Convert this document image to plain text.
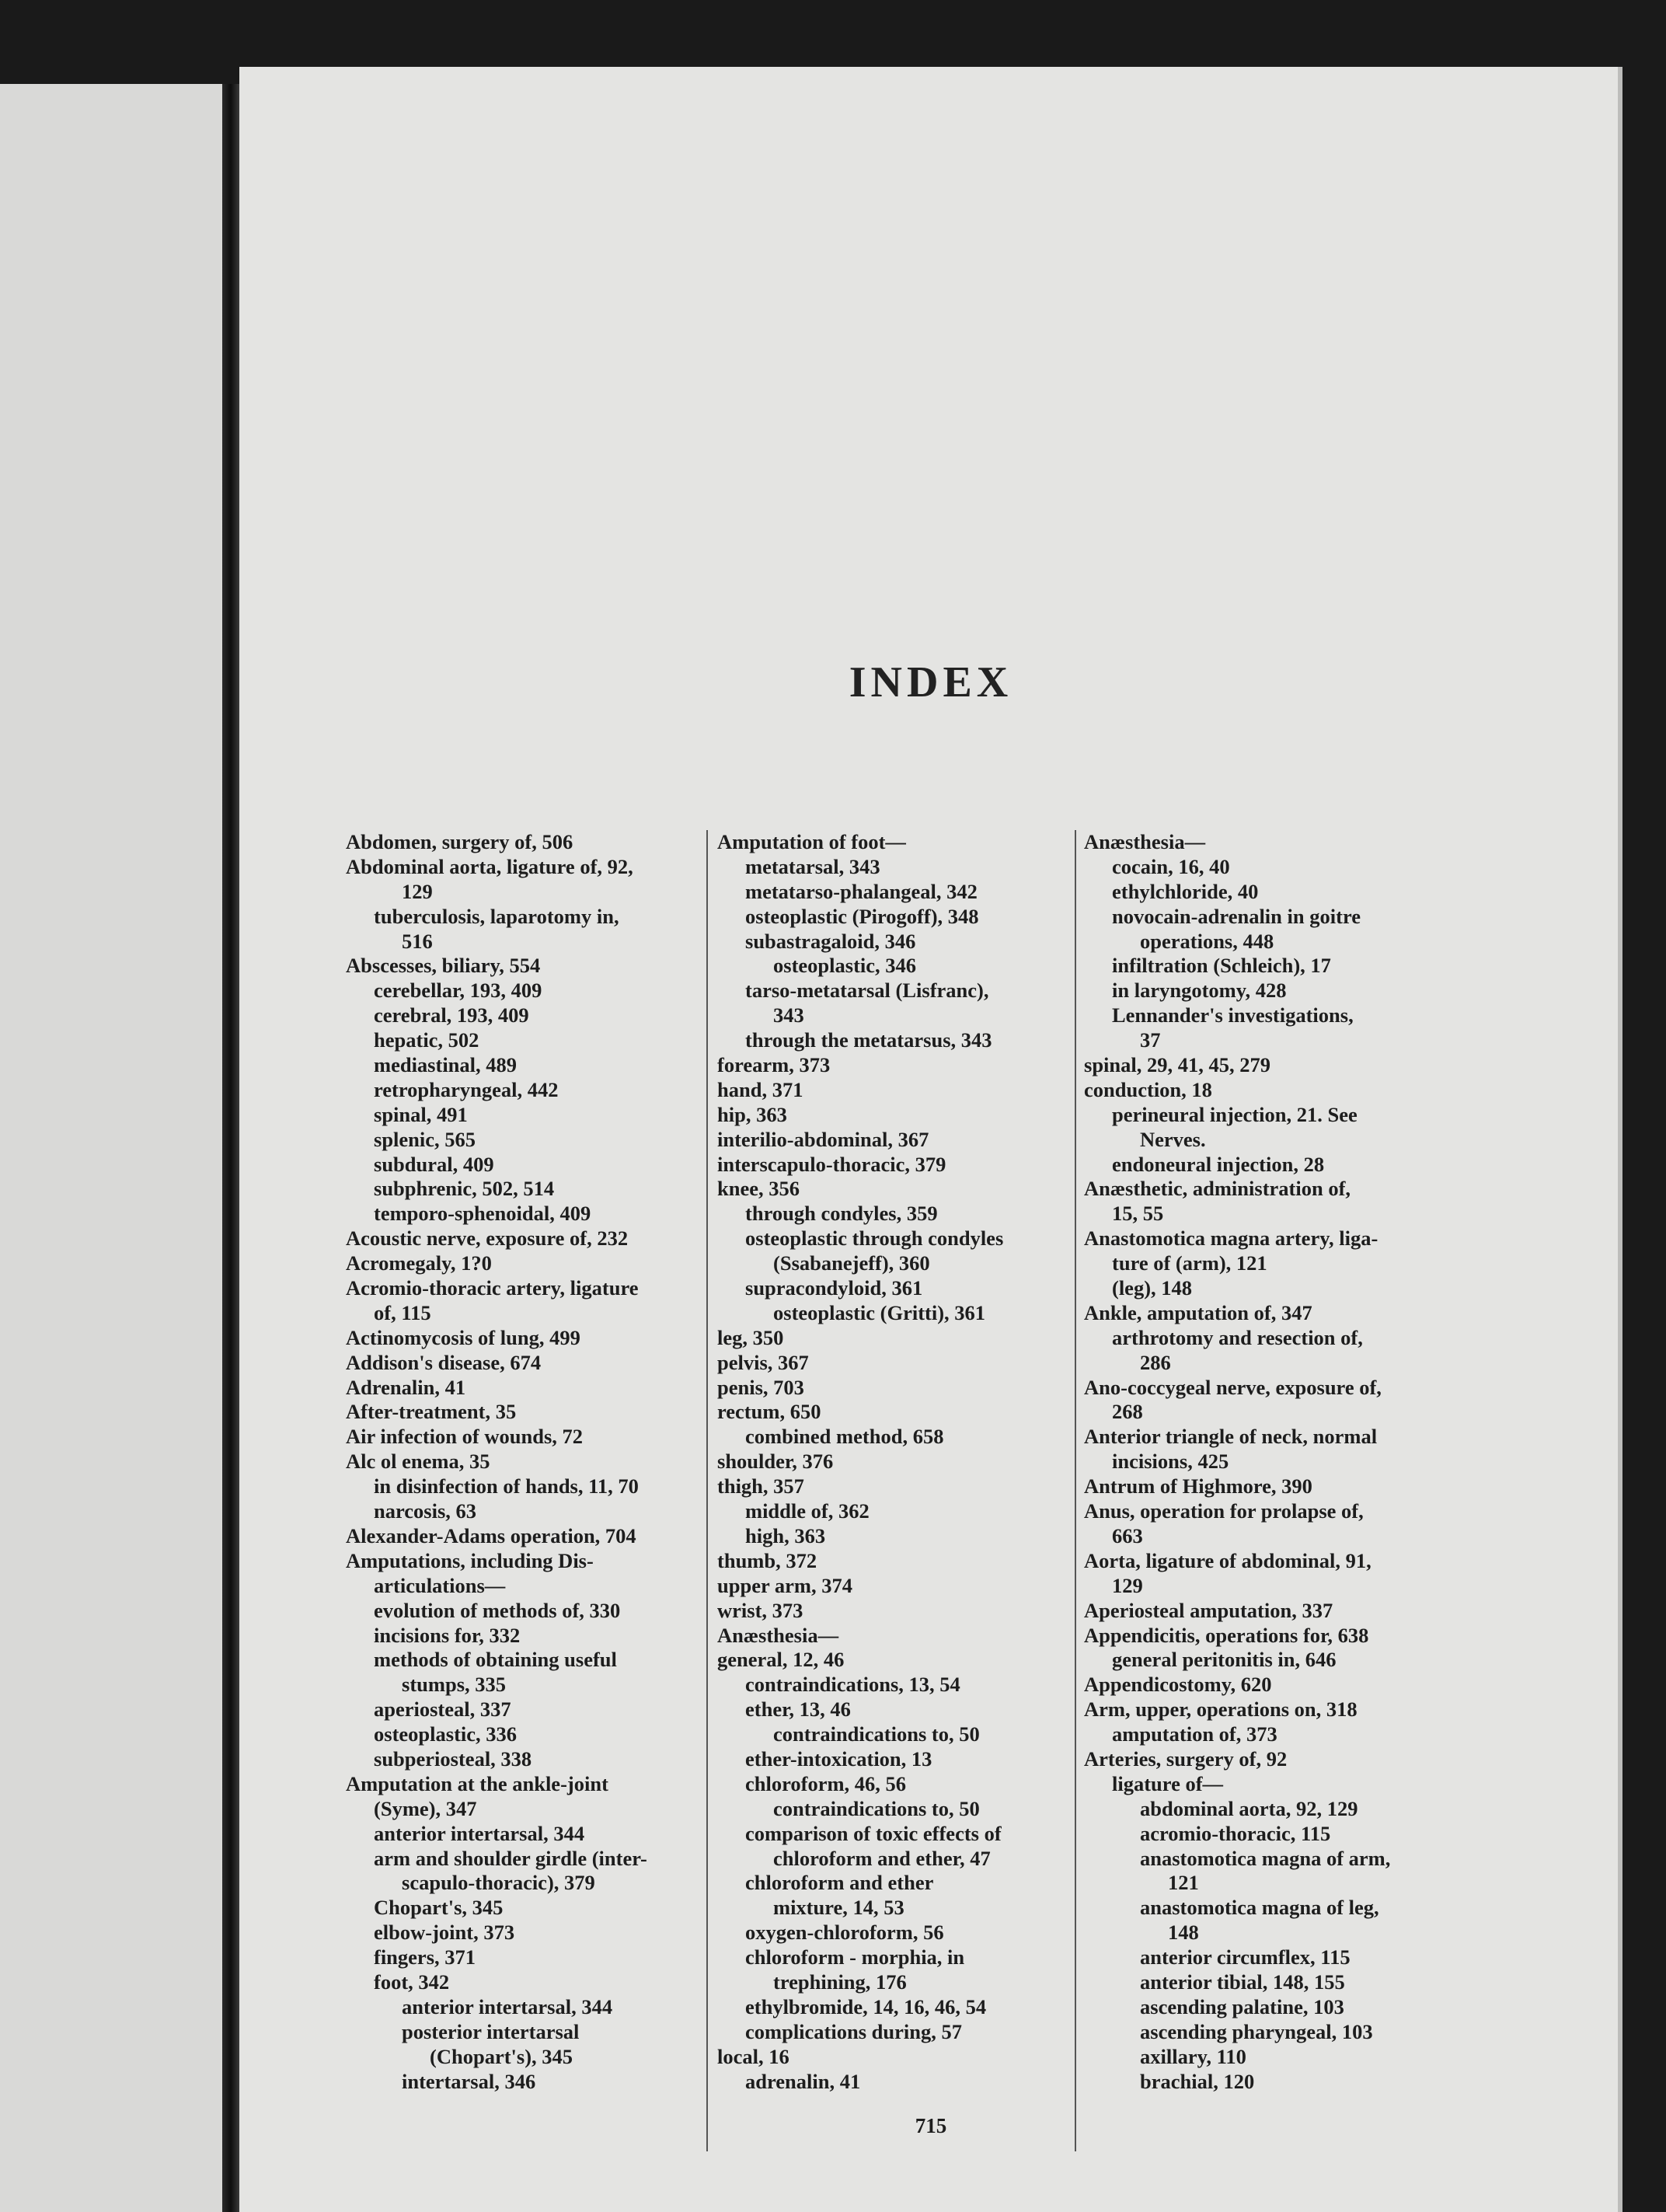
INDEX
Abdomen, surgery of, 506
Abdominal aorta, ligature of, 92,
129
tuberculosis, laparotomy in,
516
Abscesses, biliary, 554
cerebellar, 193, 409
cerebral, 193, 409
hepatic, 502
mediastinal, 489
retropharyngeal, 442
spinal, 491
splenic, 565
subdural, 409
subphrenic, 502, 514
temporo-sphenoidal, 409
Acoustic nerve, exposure of, 232
Acromegaly, 1?0
Acromio-thoracic artery, ligature
of, 115
Actinomycosis of lung, 499
Addison's disease, 674
Adrenalin, 41
After-treatment, 35
Air infection of wounds, 72
Alc ol enema, 35
in disinfection of hands, 11, 70
narcosis, 63
Alexander-Adams operation, 704
Amputations, including Dis-
articulations—
evolution of methods of, 330
incisions for, 332
methods of obtaining useful
stumps, 335
aperiosteal, 337
osteoplastic, 336
subperiosteal, 338
Amputation at the ankle-joint
(Syme), 347
anterior intertarsal, 344
arm and shoulder girdle (inter-
scapulo-thoracic), 379
Chopart's, 345
elbow-joint, 373
fingers, 371
foot, 342
anterior intertarsal, 344
posterior intertarsal
(Chopart's), 345
intertarsal, 346
Amputation of foot—
metatarsal, 343
metatarso-phalangeal, 342
osteoplastic (Pirogoff), 348
subastragaloid, 346
osteoplastic, 346
tarso-metatarsal (Lisfranc),
343
through the metatarsus, 343
forearm, 373
hand, 371
hip, 363
interilio-abdominal, 367
interscapulo-thoracic, 379
knee, 356
through condyles, 359
osteoplastic through condyles
(Ssabanejeff), 360
supracondyloid, 361
osteoplastic (Gritti), 361
leg, 350
pelvis, 367
penis, 703
rectum, 650
combined method, 658
shoulder, 376
thigh, 357
middle of, 362
high, 363
thumb, 372
upper arm, 374
wrist, 373
Anæsthesia—
general, 12, 46
contraindications, 13, 54
ether, 13, 46
contraindications to, 50
ether-intoxication, 13
chloroform, 46, 56
contraindications to, 50
comparison of toxic effects of
chloroform and ether, 47
chloroform and ether
mixture, 14, 53
oxygen-chloroform, 56
chloroform - morphia, in
trephining, 176
ethylbromide, 14, 16, 46, 54
complications during, 57
local, 16
adrenalin, 41
Anæsthesia—
cocain, 16, 40
ethylchloride, 40
novocain-adrenalin in goitre
operations, 448
infiltration (Schleich), 17
in laryngotomy, 428
Lennander's investigations,
37
spinal, 29, 41, 45, 279
conduction, 18
perineural injection, 21. See
Nerves.
endoneural injection, 28
Anæsthetic, administration of,
15, 55
Anastomotica magna artery, liga-
ture of (arm), 121
(leg), 148
Ankle, amputation of, 347
arthrotomy and resection of,
286
Ano-coccygeal nerve, exposure of,
268
Anterior triangle of neck, normal
incisions, 425
Antrum of Highmore, 390
Anus, operation for prolapse of,
663
Aorta, ligature of abdominal, 91,
129
Aperiosteal amputation, 337
Appendicitis, operations for, 638
general peritonitis in, 646
Appendicostomy, 620
Arm, upper, operations on, 318
amputation of, 373
Arteries, surgery of, 92
ligature of—
abdominal aorta, 92, 129
acromio-thoracic, 115
anastomotica magna of arm,
121
anastomotica magna of leg,
148
anterior circumflex, 115
anterior tibial, 148, 155
ascending palatine, 103
ascending pharyngeal, 103
axillary, 110
brachial, 120
715
